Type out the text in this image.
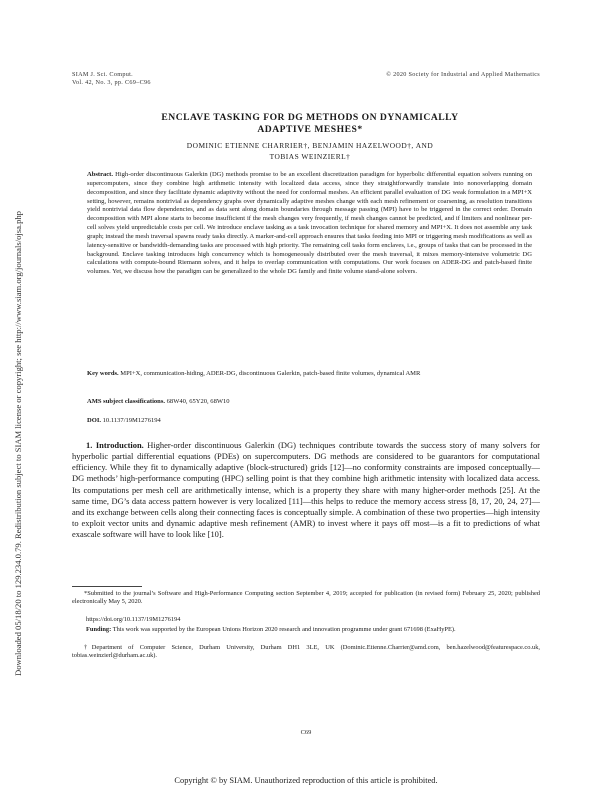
Downloaded 05/18/20 to 129.234.0.79. Redistribution subject to SIAM license or copyright; see http://www.siam.org/journals/ojsa.php
SIAM J. Sci. Comput.
Vol. 42, No. 3, pp. C69–C96
© 2020 Society for Industrial and Applied Mathematics
ENCLAVE TASKING FOR DG METHODS ON DYNAMICALLY
ADAPTIVE MESHES*
DOMINIC ETIENNE CHARRIER†, BENJAMIN HAZELWOOD†, AND
TOBIAS WEINZIERL†
Abstract. High-order discontinuous Galerkin (DG) methods promise to be an excellent discretization paradigm for hyperbolic differential equation solvers running on supercomputers, since they combine high arithmetic intensity with localized data access, since they straightforwardly translate into nonoverlapping domain decomposition, and since they facilitate dynamic adaptivity without the need for conformal meshes. An efficient parallel evaluation of DG weak formulation in a MPI+X setting, however, remains nontrivial as dependency graphs over dynamically adaptive meshes change with each mesh refinement or coarsening, as resolution transitions yield nontrivial data flow dependencies, and as data sent along domain boundaries through message passing (MPI) have to be triggered in the correct order. Domain decomposition with MPI alone starts to become insufficient if the mesh changes very frequently, if mesh changes cannot be predicted, and if limiters and nonlinear per-cell solves yield unpredictable costs per cell. We introduce enclave tasking as a task invocation technique for shared memory and MPI+X. It does not assemble any task graph; instead the mesh traversal spawns ready tasks directly. A marker-and-cell approach ensures that tasks feeding into MPI or triggering mesh modifications as well as latency-sensitive or bandwidth-demanding tasks are processed with high priority. The remaining cell tasks form enclaves, i.e., groups of tasks that can be processed in the background. Enclave tasking introduces high concurrency which is homogeneously distributed over the mesh traversal, it mixes memory-intensive volumetric DG calculations with compute-bound Riemann solves, and it helps to overlap communication with computations. Our work focuses on ADER-DG and patch-based finite volumes. Yet, we discuss how the paradigm can be generalized to the whole DG family and finite volume stand-alone solvers.
Key words. MPI+X, communication-hiding, ADER-DG, discontinuous Galerkin, patch-based finite volumes, dynamical AMR
AMS subject classifications. 68W40, 65Y20, 68W10
DOI. 10.1137/19M1276194
1. Introduction. Higher-order discontinuous Galerkin (DG) techniques contribute towards the success story of many solvers for hyperbolic partial differential equations (PDEs) on supercomputers. DG methods are considered to be guarantors for computational efficiency. While they fit to dynamically adaptive (block-structured) grids [12]—no conformity constraints are imposed conceptually—DG methods’ high-performance computing (HPC) selling point is that they combine high arithmetic intensity with localized data access. Its computations per mesh cell are arithmetically intense, which is a property they share with many higher-order methods [25]. At the same time, DG’s data access pattern however is very localized [11]—this helps to reduce the memory access stress [8, 17, 20, 24, 27]—and its exchange between cells along their connecting faces is conceptually simple. A combination of these two properties—high intensity to exploit vector units and dynamic adaptive mesh refinement (AMR) to invest where it pays off most—is a fit to predictions of what exascale software will have to look like [10].
*Submitted to the journal’s Software and High-Performance Computing section September 4, 2019; accepted for publication (in revised form) February 25, 2020; published electronically May 5, 2020.
https://doi.org/10.1137/19M1276194
Funding: This work was supported by the European Unions Horizon 2020 research and innovation programme under grant 671698 (ExaHyPE).
†Department of Computer Science, Durham University, Durham DH1 3LE, UK (Dominic.Etienne.Charrier@amd.com, ben.hazelwood@featurespace.co.uk, tobias.weinzierl@durham.ac.uk).
C69
Copyright © by SIAM. Unauthorized reproduction of this article is prohibited.
